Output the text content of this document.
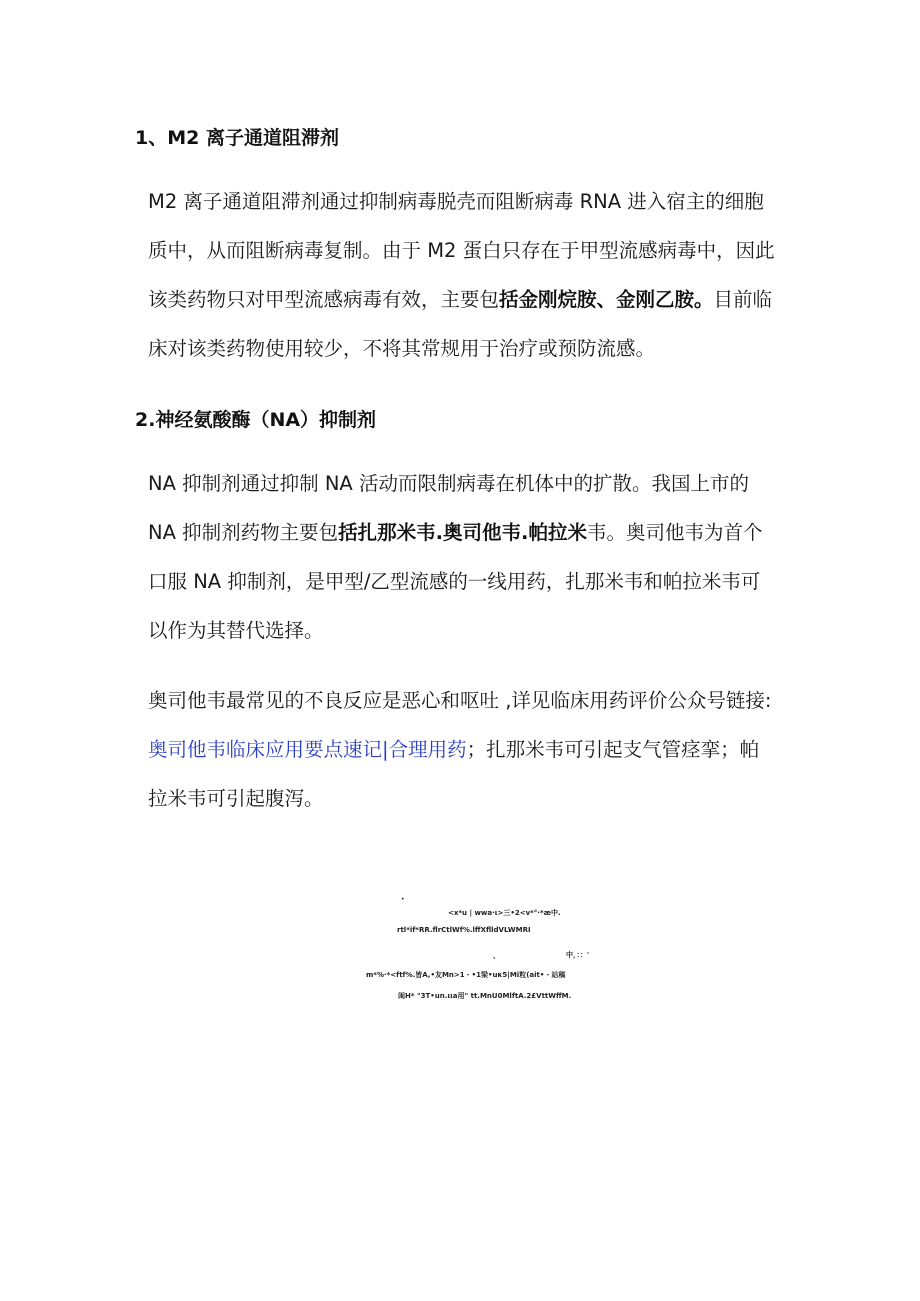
1、M2 离子通道阻滞剂

M2 离子通道阻滞剂通过抑制病毒脱壳而阻断病毒 RNA 进入宿主的细胞
质中，从而阻断病毒复制。由于 M2 蛋白只存在于甲型流感病毒中，因此
该类药物只对甲型流感病毒有效，主要包括金刚烷胺、金刚乙胺。目前临
床对该类药物使用较少，不将其常规用于治疗或预防流感。

2.神经氨酸酶（NA）抑制剂

NA 抑制剂通过抑制 NA 活动而限制病毒在机体中的扩散。我国上市的
NA 抑制剂药物主要包括扎那米韦.奥司他韦.帕拉米韦。奥司他韦为首个
口服 NA 抑制剂，是甲型/乙型流感的一线用药，扎那米韦和帕拉米韦可
以作为其替代选择。

奥司他韦最常见的不良反应是恶心和呕吐 ,详见临床用药评价公众号链接:
奥司他韦临床应用要点速记|合理用药；扎那米韦可引起支气管痉挛；帕
拉米韦可引起腹泻。

·
<x*u | wwa·ι>三•2<v*°·*æ中.
rtl*if*RR.flrCtlWf%.lffXflldVLWMRI
、	中，：：'
m*%·*<ftf%.皆A,•友Mn>1・•1梁•uκ5|Mi粒(ait•・站稿
闺H* "3T•un.ιιa用" tt.MnU0MlftA.2£VttWffM.
